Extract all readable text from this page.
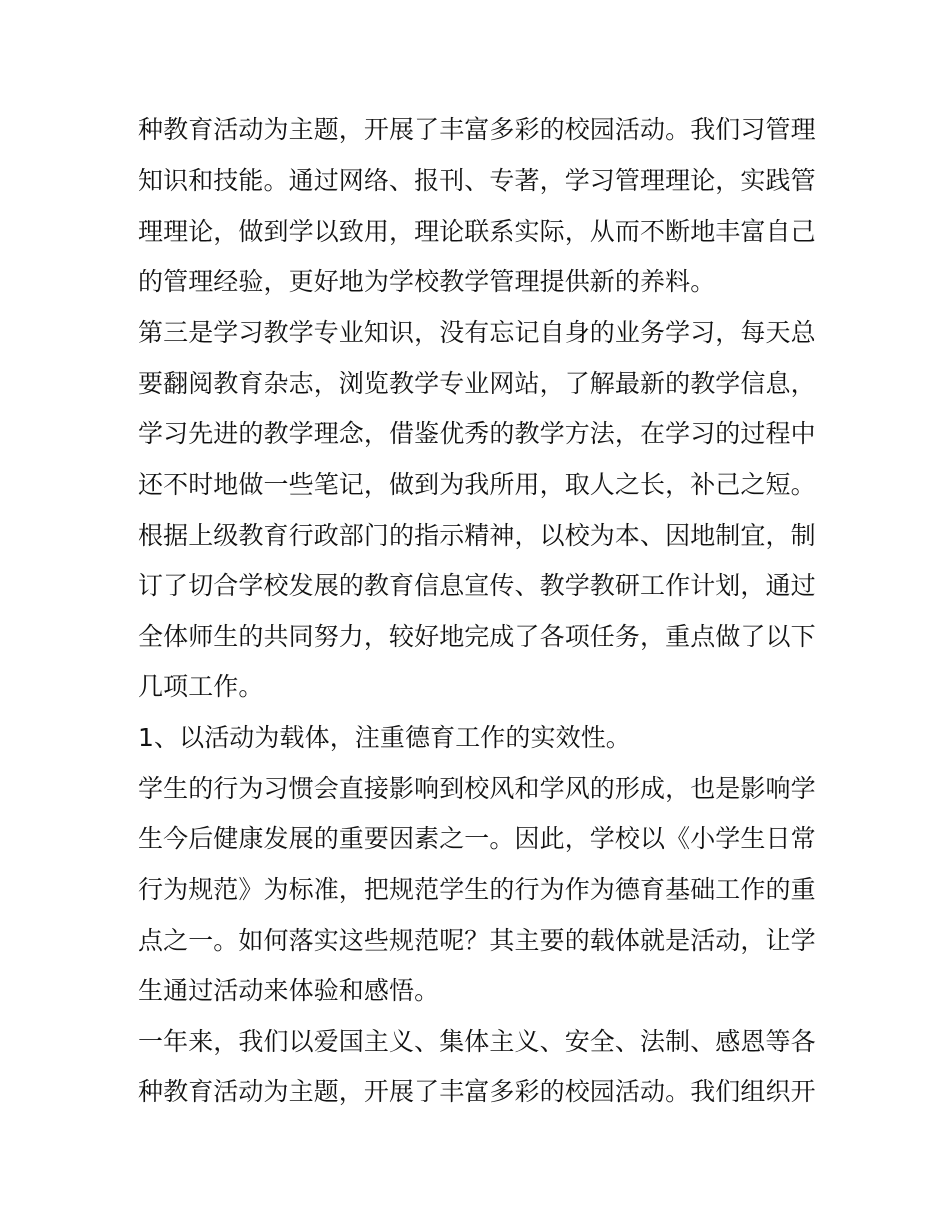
种教育活动为主题，开展了丰富多彩的校园活动。我们习管理
知识和技能。通过网络、报刊、专著，学习管理理论，实践管
理理论，做到学以致用，理论联系实际，从而不断地丰富自己
的管理经验，更好地为学校教学管理提供新的养料。
第三是学习教学专业知识，没有忘记自身的业务学习，每天总
要翻阅教育杂志，浏览教学专业网站，了解最新的教学信息，
学习先进的教学理念，借鉴优秀的教学方法，在学习的过程中
还不时地做一些笔记，做到为我所用，取人之长，补己之短。
根据上级教育行政部门的指示精神，以校为本、因地制宜，制
订了切合学校发展的教育信息宣传、教学教研工作计划，通过
全体师生的共同努力，较好地完成了各项任务，重点做了以下
几项工作。
1、以活动为载体，注重德育工作的实效性。
学生的行为习惯会直接影响到校风和学风的形成，也是影响学
生今后健康发展的重要因素之一。因此，学校以《小学生日常
行为规范》为标准，把规范学生的行为作为德育基础工作的重
点之一。如何落实这些规范呢？其主要的载体就是活动，让学
生通过活动来体验和感悟。
一年来，我们以爱国主义、集体主义、安全、法制、感恩等各
种教育活动为主题，开展了丰富多彩的校园活动。我们组织开
